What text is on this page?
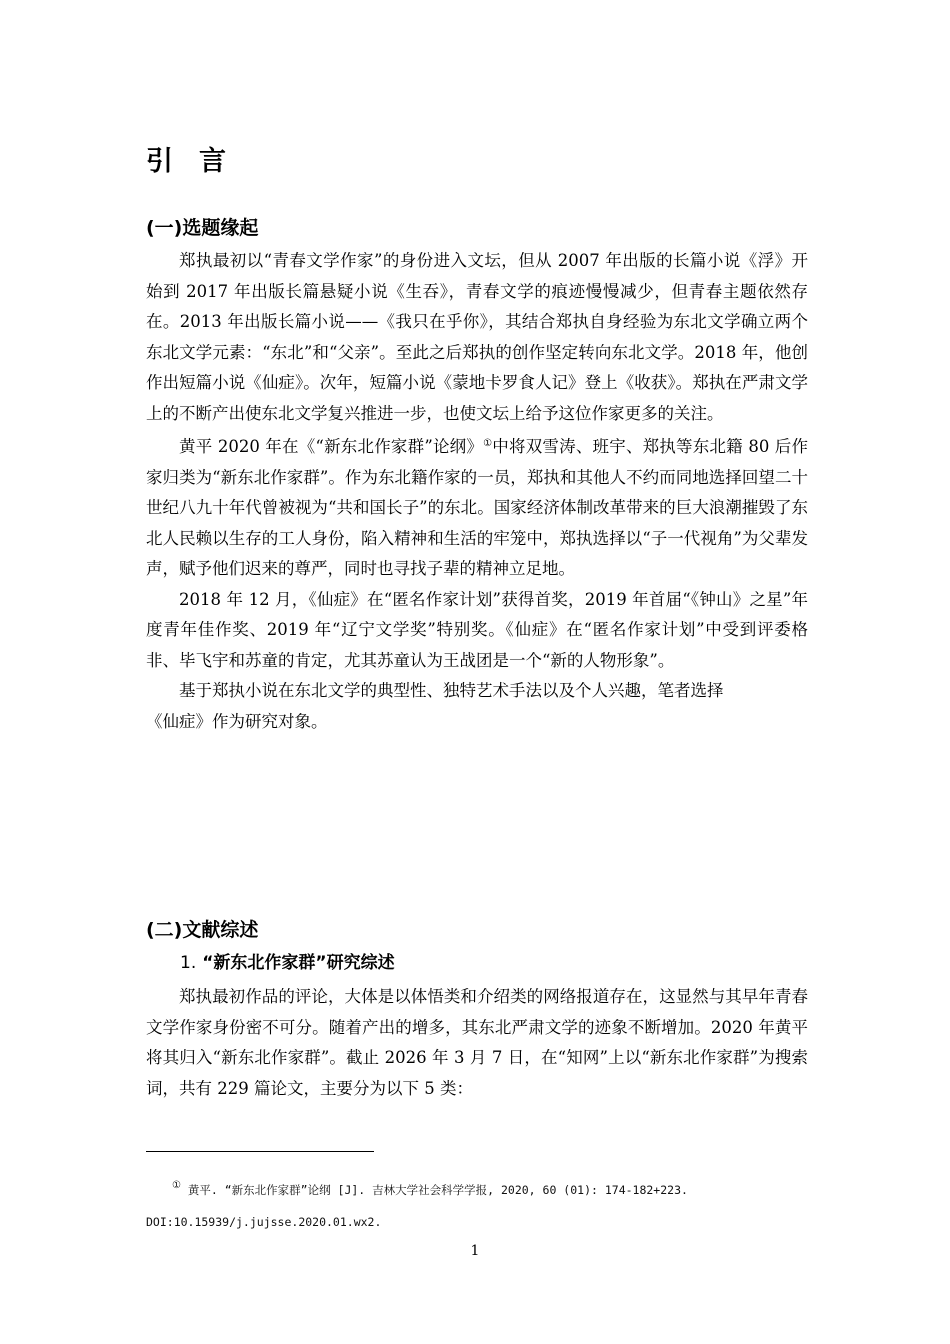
引言
(一)选题缘起

郑执最初以“青春文学作家”的身份进入文坛，但从 2007 年出版的长篇小说《浮》开始到 2017 年出版长篇悬疑小说《生吞》，青春文学的痕迹慢慢减少，但青春主题依然存在。2013 年出版长篇小说——《我只在乎你》，其结合郑执自身经验为东北文学确立两个东北文学元素：“东北”和“父亲”。至此之后郑执的创作坚定转向东北文学。2018 年，他创作出短篇小说《仙症》。次年，短篇小说《蒙地卡罗食人记》登上《收获》。郑执在严肃文学上的不断产出使东北文学复兴推进一步，也使文坛上给予这位作家更多的关注。

黄平 2020 年在《“新东北作家群”论纲》①中将双雪涛、班宇、郑执等东北籍 80 后作家归类为“新东北作家群”。作为东北籍作家的一员，郑执和其他人不约而同地选择回望二十世纪八九十年代曾被视为“共和国长子”的东北。国家经济体制改革带来的巨大浪潮摧毁了东北人民赖以生存的工人身份，陷入精神和生活的牢笼中，郑执选择以“子一代视角”为父辈发声，赋予他们迟来的尊严，同时也寻找子辈的精神立足地。

2018 年 12 月，《仙症》在“匿名作家计划”获得首奖，2019 年首届“《钟山》之星”年度青年佳作奖、2019 年“辽宁文学奖”特别奖。《仙症》在“匿名作家计划”中受到评委格非、毕飞宇和苏童的肯定，尤其苏童认为王战团是一个“新的人物形象”。

基于郑执小说在东北文学的典型性、独特艺术手法以及个人兴趣，笔者选择

《仙症》作为研究对象。

(二)文献综述
1. “新东北作家群”研究综述

郑执最初作品的评论，大体是以体悟类和介绍类的网络报道存在，这显然与其早年青春文学作家身份密不可分。随着产出的增多，其东北严肃文学的迹象不断增加。2020 年黄平将其归入“新东北作家群”。截止 2026 年 3 月 7 日，在“知网”上以“新东北作家群”为搜索词，共有 229 篇论文，主要分为以下 5 类：

① 黄平. “新东北作家群”论纲 [J]. 吉林大学社会科学学报, 2020, 60 (01): 174-182+223.
DOI:10.15939/j.jujsse.2020.01.wx2.
1
